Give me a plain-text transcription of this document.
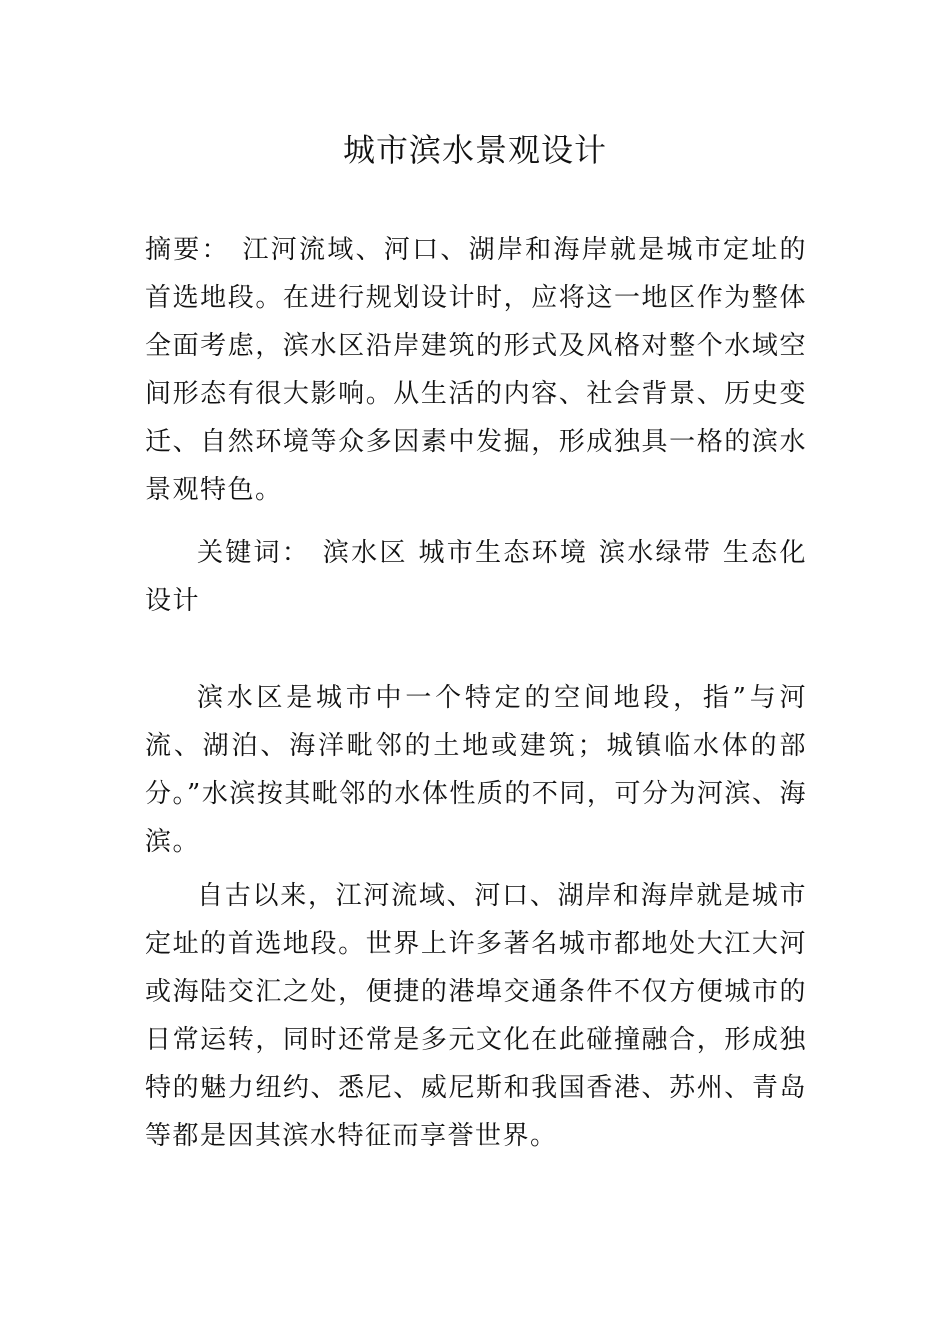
城市滨水景观设计
摘要： 江河流域、河口、湖岸和海岸就是城市定址的首选地段。在进行规划设计时，应将这一地区作为整体全面考虑，滨水区沿岸建筑的形式及风格对整个水域空间形态有很大影响。从生活的内容、社会背景、历史变迁、自然环境等众多因素中发掘，形成独具一格的滨水景观特色。
关键词： 滨水区 城市生态环境 滨水绿带 生态化设计
滨水区是城市中一个特定的空间地段，指”与河流、湖泊、海洋毗邻的土地或建筑；城镇临水体的部分。”水滨按其毗邻的水体性质的不同，可分为河滨、海滨。
自古以来，江河流域、河口、湖岸和海岸就是城市定址的首选地段。世界上许多著名城市都地处大江大河或海陆交汇之处，便捷的港埠交通条件不仅方便城市的日常运转，同时还常是多元文化在此碰撞融合，形成独特的魅力纽约、悉尼、威尼斯和我国香港、苏州、青岛等都是因其滨水特征而享誉世界。
